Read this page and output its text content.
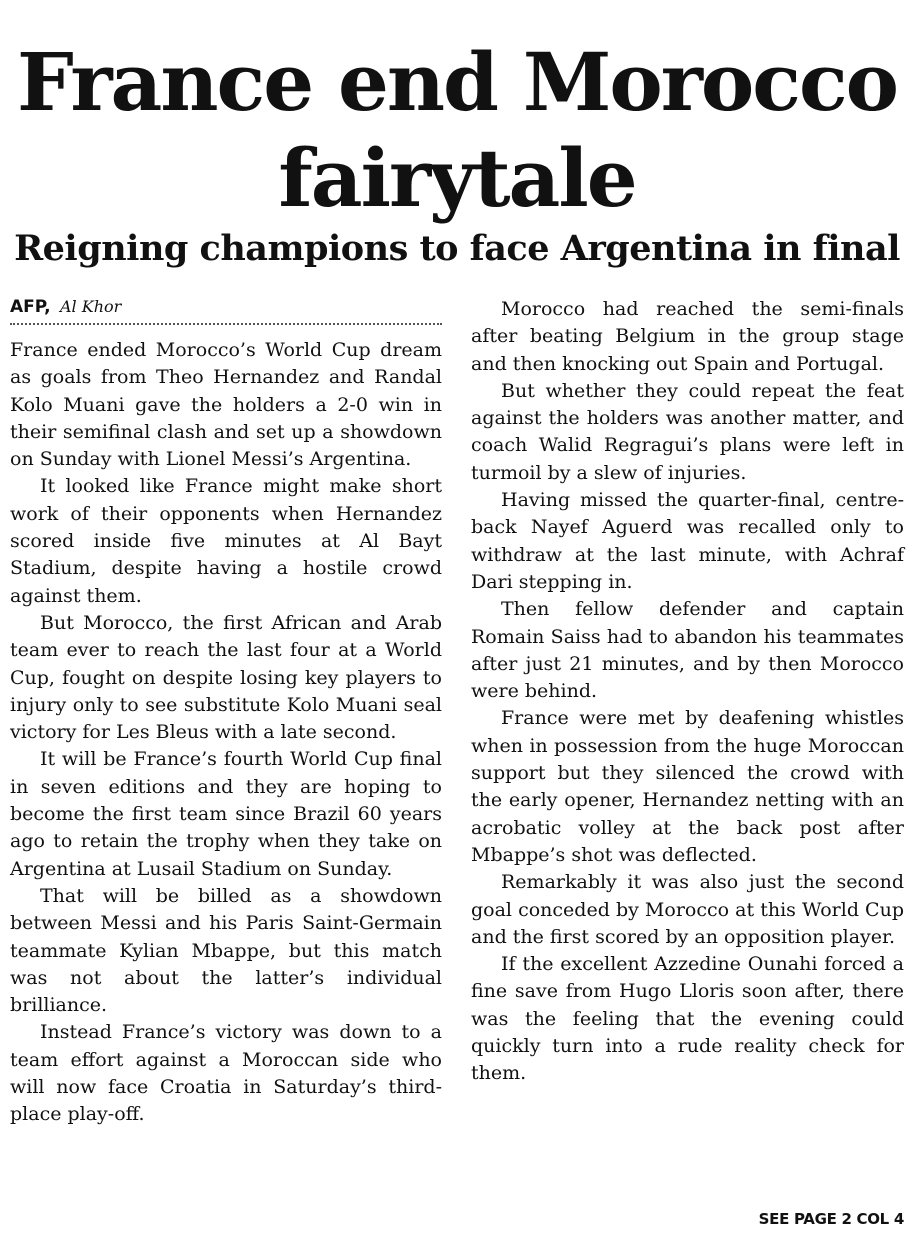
France end Morocco fairytale
Reigning champions to face Argentina in final
AFP, Al Khor

France ended Morocco’s World Cup dream as goals from Theo Hernandez and Randal Kolo Muani gave the holders a 2-0 win in their semifinal clash and set up a showdown on Sunday with Lionel Messi’s Argentina.

It looked like France might make short work of their opponents when Hernandez scored inside five minutes at Al Bayt Stadium, despite having a hostile crowd against them.

But Morocco, the first African and Arab team ever to reach the last four at a World Cup, fought on despite losing key players to injury only to see substitute Kolo Muani seal victory for Les Bleus with a late second.

It will be France’s fourth World Cup final in seven editions and they are hoping to become the first team since Brazil 60 years ago to retain the trophy when they take on Argentina at Lusail Stadium on Sunday.

That will be billed as a showdown between Messi and his Paris Saint-Germain teammate Kylian Mbappe, but this match was not about the latter’s individual brilliance.

Instead France’s victory was down to a team effort against a Moroccan side who will now face Croatia in Saturday’s third-place play-off.

Morocco had reached the semi-finals after beating Belgium in the group stage and then knocking out Spain and Portugal.

But whether they could repeat the feat against the holders was another matter, and coach Walid Regragui’s plans were left in turmoil by a slew of injuries.

Having missed the quarter-final, centre-back Nayef Aguerd was recalled only to withdraw at the last minute, with Achraf Dari stepping in.

Then fellow defender and captain Romain Saiss had to abandon his teammates after just 21 minutes, and by then Morocco were behind.

France were met by deafening whistles when in possession from the huge Moroccan support but they silenced the crowd with the early opener, Hernandez netting with an acrobatic volley at the back post after Mbappe’s shot was deflected.

Remarkably it was also just the second goal conceded by Morocco at this World Cup and the first scored by an opposition player.

If the excellent Azzedine Ounahi forced a fine save from Hugo Lloris soon after, there was the feeling that the evening could quickly turn into a rude reality check for them.

SEE PAGE 2 COL 4
